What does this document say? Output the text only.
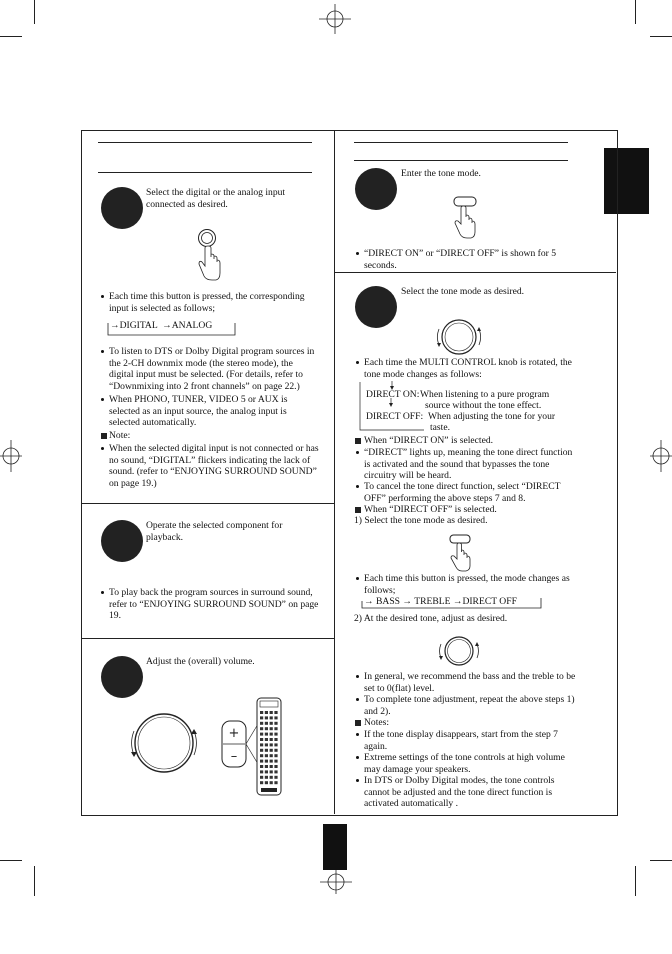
Select the digital or the analog input connected as desired.
Each time this button is pressed, the corresponding input is selected as follows;
→DIGITAL  →ANALOG
To listen to DTS or Dolby Digital program sources in the 2-CH downmix mode (the stereo mode), the digital input must be selected. (For details, refer to “Downmixing into 2 front channels” on page 22.)
When PHONO, TUNER, VIDEO 5 or AUX is selected as an input source, the analog input is selected automatically.
Note:
When the selected digital input is not connected or has no sound, “DIGITAL” flickers indicating the lack of sound. (refer to “ENJOYING SURROUND SOUND” on page 19.)
Operate the selected component for playback.
To play back the program sources in surround sound, refer to “ENJOYING SURROUND SOUND” on page 19.
Adjust the (overall) volume.
+
–
Enter the tone mode.
“DIRECT ON” or “DIRECT OFF” is shown for 5 seconds.
Select the tone mode as desired.
Each time the MULTI CONTROL knob is rotated, the tone mode changes as follows:
DIRECT ON: When listening to a pure program
source without the tone effect.
DIRECT OFF: When adjusting the tone for your
taste.
When “DIRECT ON” is selected.
“DIRECT” lights up, meaning the tone direct function is activated and the sound that bypasses the tone circuitry will be heard.
To cancel the tone direct function, select “DIRECT OFF” performing the above steps 7 and 8.
When “DIRECT OFF” is selected.
1) Select the tone mode as desired.
Each time this button is pressed, the mode changes as follows;
→ BASS → TREBLE →DIRECT OFF
2) At the desired tone, adjust as desired.
In general, we recommend the bass and the treble to be set to 0(flat) level.
To complete tone adjustment, repeat the above steps 1) and 2).
Notes:
If the tone display disappears, start from the step 7 again.
Extreme settings of the tone controls at high volume may damage your speakers.
In DTS or Dolby Digital modes, the tone controls cannot be adjusted and the tone direct function is activated automatically .
